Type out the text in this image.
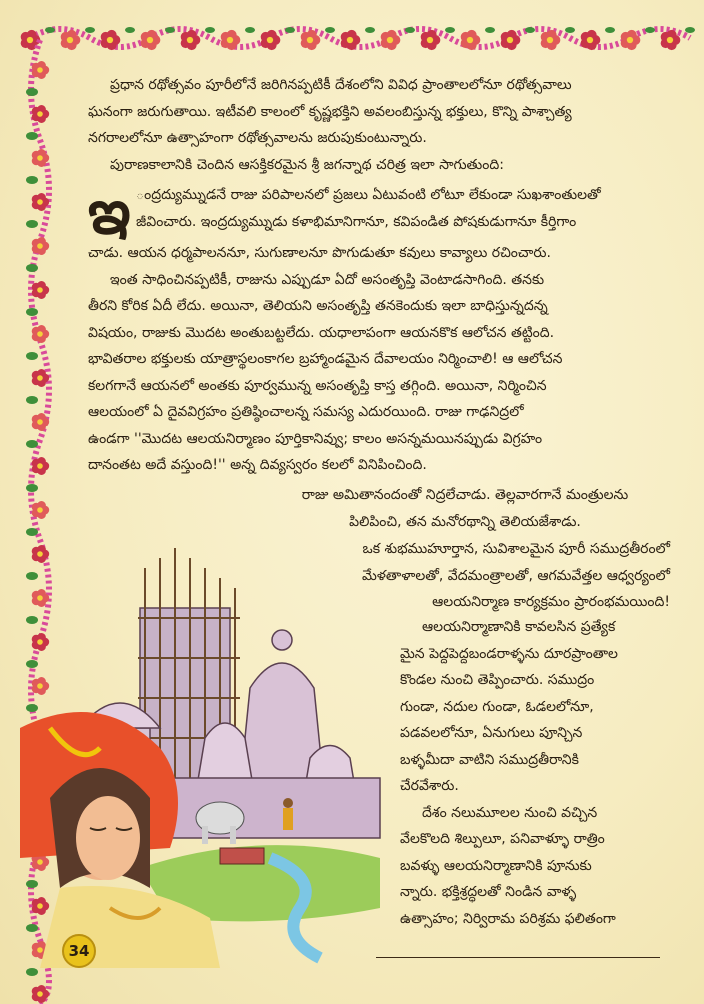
ప్రధాన రథోత్సవం పూరీలోనే జరిగినప్పటికీ దేశంలోని వివిధ ప్రాంతాలలోనూ రథోత్సవాలు

ఘనంగా జరుగుతాయి. ఇటీవలి కాలంలో కృష్ణభక్తిని అవలంబిస్తున్న భక్తులు, కొన్ని పాశ్చాత్య

నగరాలలోనూ ఉత్సాహంగా రథోత్సవాలను జరుపుకుంటున్నారు.

పురాణకాలానికి చెందిన ఆసక్తికరమైన శ్రీ జగన్నాథ చరిత్ర ఇలా సాగుతుంది:

ఇ ంద్రద్యుమ్నుడనే రాజు పరిపాలనలో ప్రజలు ఏటువంటి లోటూ లేకుండా సుఖశాంతులతో

జీవించారు. ఇంద్రద్యుమ్నుడు కళాభిమానిగానూ, కవిపండిత పోషకుడుగానూ కీర్తిగాం

చాడు. ఆయన ధర్మపాలననూ, సుగుణాలనూ పొగుడుతూ కవులు కావ్యాలు రచించారు.

ఇంత సాధించినప్పటికీ, రాజును ఎప్పుడూ ఏదో అసంతృప్తి వెంటాడసాగింది. తనకు

తీరని కోరిక ఏదీ లేదు. అయినా, తెలియని అసంతృప్తి తనకెందుకు ఇలా బాధిస్తున్నదన్న

విషయం, రాజుకు మొదట అంతుబట్టలేదు. యధాలాపంగా ఆయనకొక ఆలోచన తట్టింది.

భావితరాల భక్తులకు యాత్రాస్థలంకాగల బ్రహ్మాండమైన దేవాలయం నిర్మించాలి! ఆ ఆలోచన

కలగగానే ఆయనలో అంతకు పూర్వమున్న అసంతృప్తి కాస్త తగ్గింది. అయినా, నిర్మించిన

ఆలయంలో ఏ దైవవిగ్రహం ప్రతిష్ఠించాలన్న సమస్య ఎదురయింది. రాజు గాఢనిద్రలో

ఉండగా ''మొదట ఆలయనిర్మాణం పూర్తికానివ్వు; కాలం అసన్నమయినప్పుడు విగ్రహం

దానంతట అదే వస్తుంది!'' అన్న దివ్యస్వరం కలలో వినిపించింది.

రాజు అమితానందంతో నిద్రలేచాడు. తెల్లవారగానే మంత్రులను
పిలిపించి, తన మనోరథాన్ని తెలియజేశాడు.
ఒక శుభముహూర్తాన, సువిశాలమైన పూరీ సముద్రతీరంలో
మేళతాళాలతో, వేదమంత్రాలతో, ఆగమవేత్తల ఆధ్వర్యంలో
ఆలయనిర్మాణ కార్యక్రమం ప్రారంభమయింది!

ఆలయనిర్మాణానికి కావలసిన ప్రత్యేక

మైన పెద్దపెద్దబండరాళ్ళను దూరప్రాంతాల

కొండల నుంచి తెప్పించారు. సముద్రం

గుండా, నదుల గుండా, ఓడలలోనూ,

పడవలలోనూ, ఏనుగులు పూన్చిన

బళ్ళమీదా వాటిని సముద్రతీరానికి

చేరవేశారు.

దేశం నలుమూలల నుంచి వచ్చిన

వేలకొలది శిల్పులూ, పనివాళ్ళూ రాత్రిం

బవళ్ళు ఆలయనిర్మాణానికి పూనుకు

న్నారు. భక్తిశ్రద్ధలతో నిండిన వాళ్ళ

ఉత్సాహం; నిర్విరామ పరిశ్రమ ఫలితంగా

34
